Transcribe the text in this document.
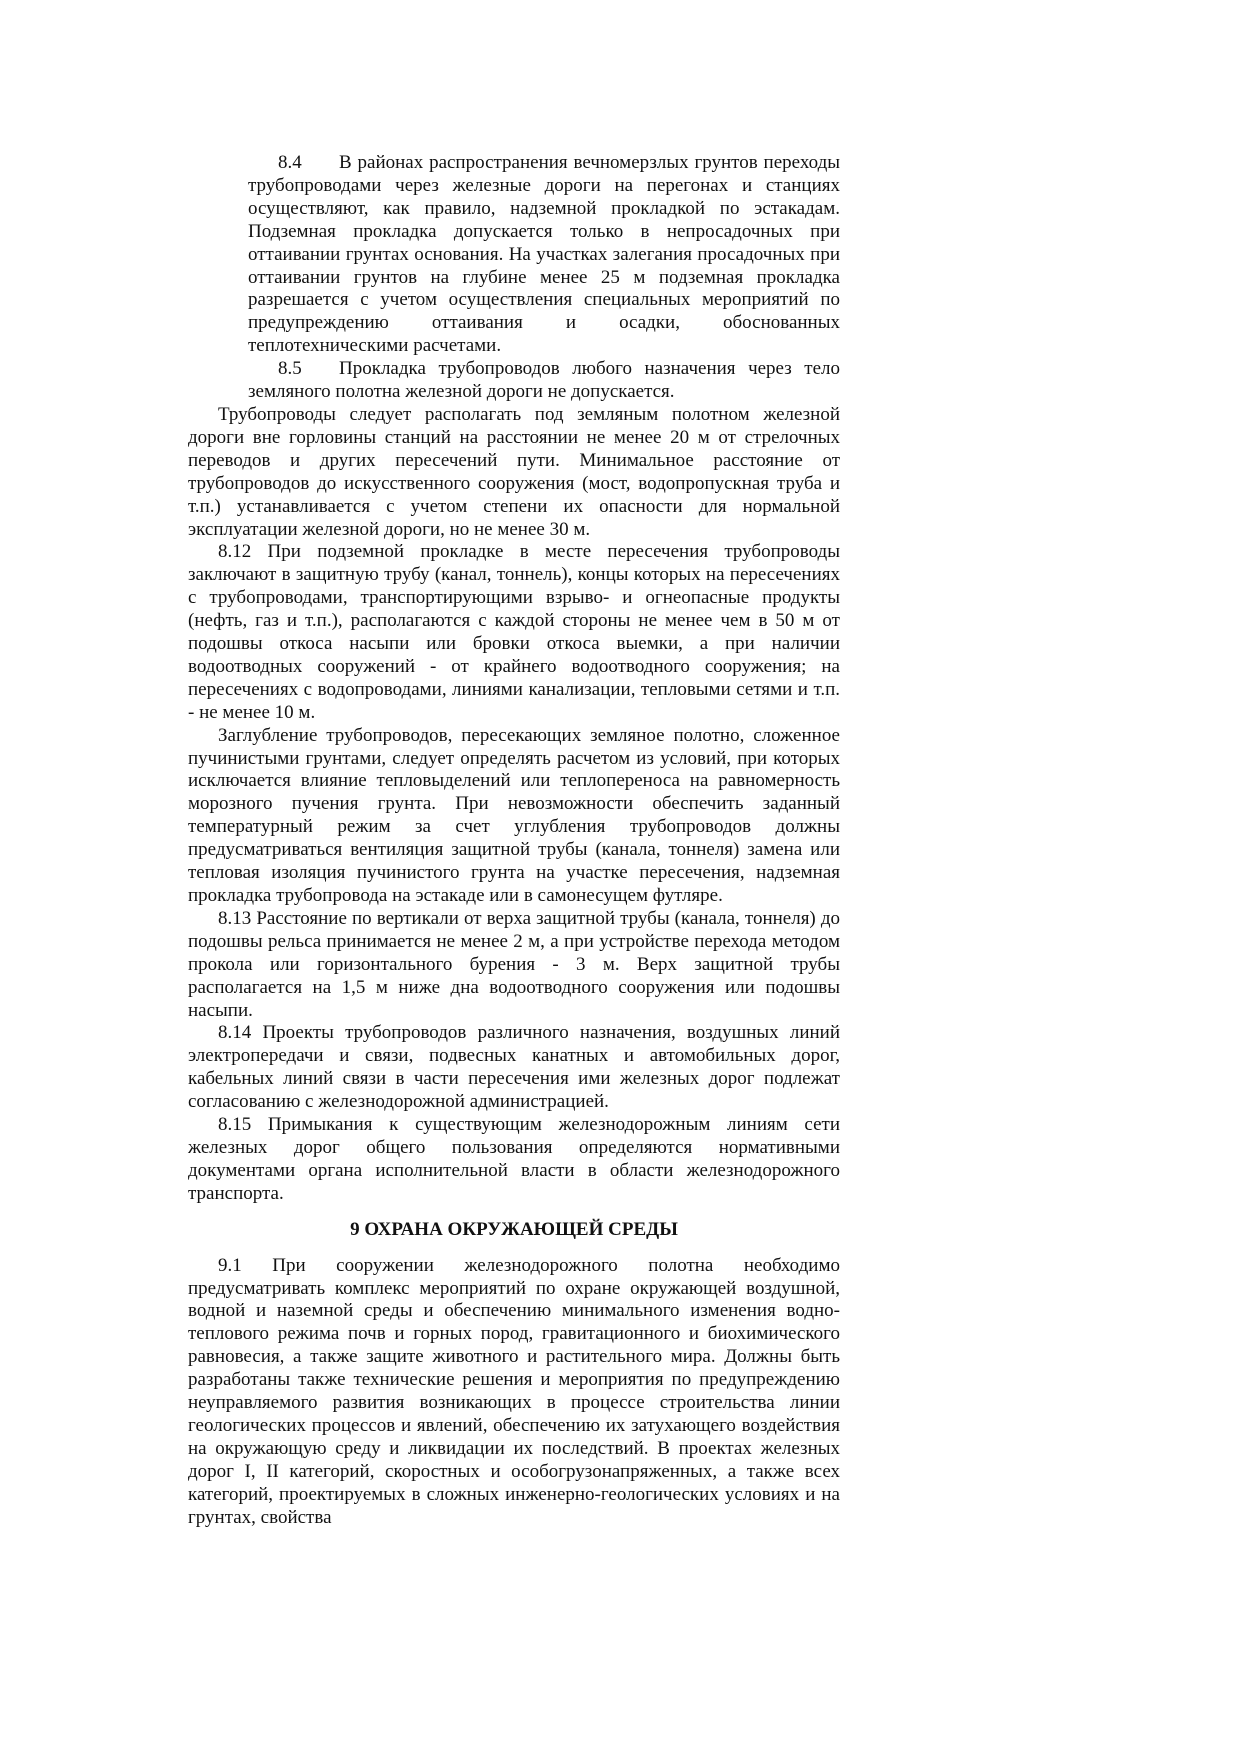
8.4 В районах распространения вечномерзлых грунтов переходы трубопроводами через железные дороги на перегонах и станциях осуществляют, как правило, надземной прокладкой по эстакадам. Подземная прокладка допускается только в непросадочных при оттаивании грунтах основания. На участках залегания просадочных при оттаивании грунтов на глубине менее 25 м подземная прокладка разрешается с учетом осуществления специальных мероприятий по предупреждению оттаивания и осадки, обоснованных теплотехническими расчетами.

8.5 Прокладка трубопроводов любого назначения через тело земляного полотна железной дороги не допускается.

Трубопроводы следует располагать под земляным полотном железной дороги вне горловины станций на расстоянии не менее 20 м от стрелочных переводов и других пересечений пути. Минимальное расстояние от трубопроводов до искусственного сооружения (мост, водопропускная труба и т.п.) устанавливается с учетом степени их опасности для нормальной эксплуатации железной дороги, но не менее 30 м.

8.12 При подземной прокладке в месте пересечения трубопроводы заключают в защитную трубу (канал, тоннель), концы которых на пересечениях с трубопроводами, транспортирующими взрыво- и огнеопасные продукты (нефть, газ и т.п.), располагаются с каждой стороны не менее чем в 50 м от подошвы откоса насыпи или бровки откоса выемки, а при наличии водоотводных сооружений - от крайнего водоотводного сооружения; на пересечениях с водопроводами, линиями канализации, тепловыми сетями и т.п. - не менее 10 м.

Заглубление трубопроводов, пересекающих земляное полотно, сложенное пучинистыми грунтами, следует определять расчетом из условий, при которых исключается влияние тепловыделений или теплопереноса на равномерность морозного пучения грунта. При невозможности обеспечить заданный температурный режим за счет углубления трубопроводов должны предусматриваться вентиляция защитной трубы (канала, тоннеля) замена или тепловая изоляция пучинистого грунта на участке пересечения, надземная прокладка трубопровода на эстакаде или в самонесущем футляре.

8.13 Расстояние по вертикали от верха защитной трубы (канала, тоннеля) до подошвы рельса принимается не менее 2 м, а при устройстве перехода методом прокола или горизонтального бурения - 3 м. Верх защитной трубы располагается на 1,5 м ниже дна водоотводного сооружения или подошвы насыпи.

8.14 Проекты трубопроводов различного назначения, воздушных линий электропередачи и связи, подвесных канатных и автомобильных дорог, кабельных линий связи в части пересечения ими железных дорог подлежат согласованию с железнодорожной администрацией.

8.15 Примыкания к существующим железнодорожным линиям сети железных дорог общего пользования определяются нормативными документами органа исполнительной власти в области железнодорожного транспорта.

9 ОХРАНА ОКРУЖАЮЩЕЙ СРЕДЫ

9.1 При сооружении железнодорожного полотна необходимо предусматривать комплекс мероприятий по охране окружающей воздушной, водной и наземной среды и обеспечению минимального изменения водно-теплового режима почв и горных пород, гравитационного и биохимического равновесия, а также защите животного и растительного мира. Должны быть разработаны также технические решения и мероприятия по предупреждению неуправляемого развития возникающих в процессе строительства линии геологических процессов и явлений, обеспечению их затухающего воздействия на окружающую среду и ликвидации их последствий. В проектах железных дорог I, II категорий, скоростных и особогрузонапряженных, а также всех категорий, проектируемых в сложных инженерно-геологических условиях и на грунтах, свойства
